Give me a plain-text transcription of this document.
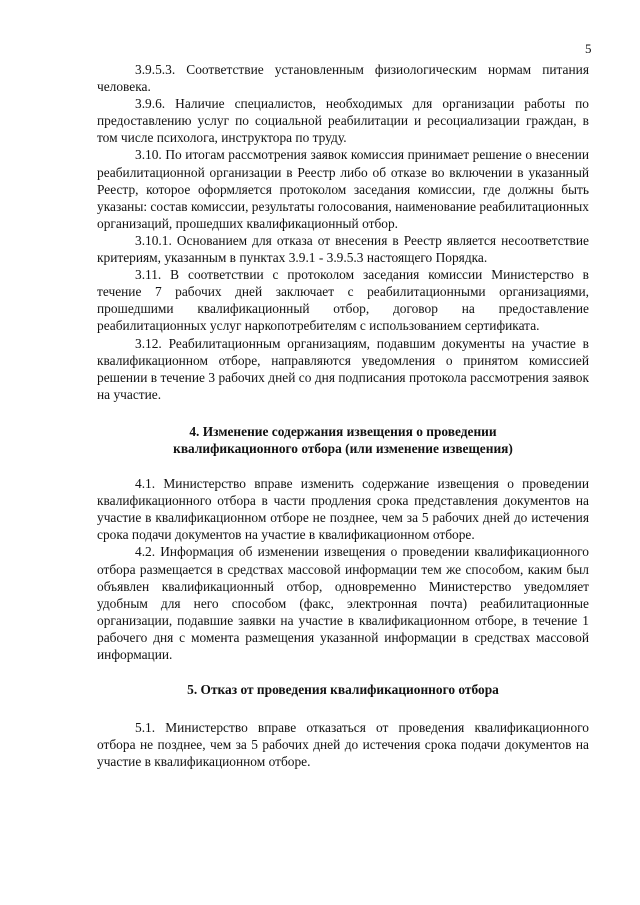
5

3.9.5.3. Соответствие установленным физиологическим нормам питания человека.

3.9.6. Наличие специалистов, необходимых для организации работы по предоставлению услуг по социальной реабилитации и ресоциализации граждан, в том числе психолога, инструктора по труду.

3.10. По итогам рассмотрения заявок комиссия принимает решение о внесении реабилитационной организации в Реестр либо об отказе во включении в указанный Реестр, которое оформляется протоколом заседания комиссии, где должны быть указаны: состав комиссии, результаты голосования, наименование реабилитационных организаций, прошедших квалификационный отбор.

3.10.1. Основанием для отказа от внесения в Реестр является несоответствие критериям, указанным в пунктах 3.9.1 - 3.9.5.3 настоящего Порядка.

3.11. В соответствии с протоколом заседания комиссии Министерство в течение 7 рабочих дней заключает с реабилитационными организациями, прошедшими квалификационный отбор, договор на предоставление реабилитационных услуг наркопотребителям с использованием сертификата.

3.12. Реабилитационным организациям, подавшим документы на участие в квалификационном отборе, направляются уведомления о принятом комиссией решении в течение 3 рабочих дней со дня подписания протокола рассмотрения заявок на участие.

4. Изменение содержания извещения о проведении
квалификационного отбора (или изменение извещения)

4.1. Министерство вправе изменить содержание извещения о проведении квалификационного отбора в части продления срока представления документов на участие в квалификационном отборе не позднее, чем за 5 рабочих дней до истечения срока подачи документов на участие в квалификационном отборе.

4.2. Информация об изменении извещения о проведении квалификационного отбора размещается в средствах массовой информации тем же способом, каким был объявлен квалификационный отбор, одновременно Министерство уведомляет удобным для него способом (факс, электронная почта) реабилитационные организации, подавшие заявки на участие в квалификационном отборе, в течение 1 рабочего дня с момента размещения указанной информации в средствах массовой информации.

5. Отказ от проведения квалификационного отбора

5.1. Министерство вправе отказаться от проведения квалификационного отбора не позднее, чем за 5 рабочих дней до истечения срока подачи документов на участие в квалификационном отборе.
